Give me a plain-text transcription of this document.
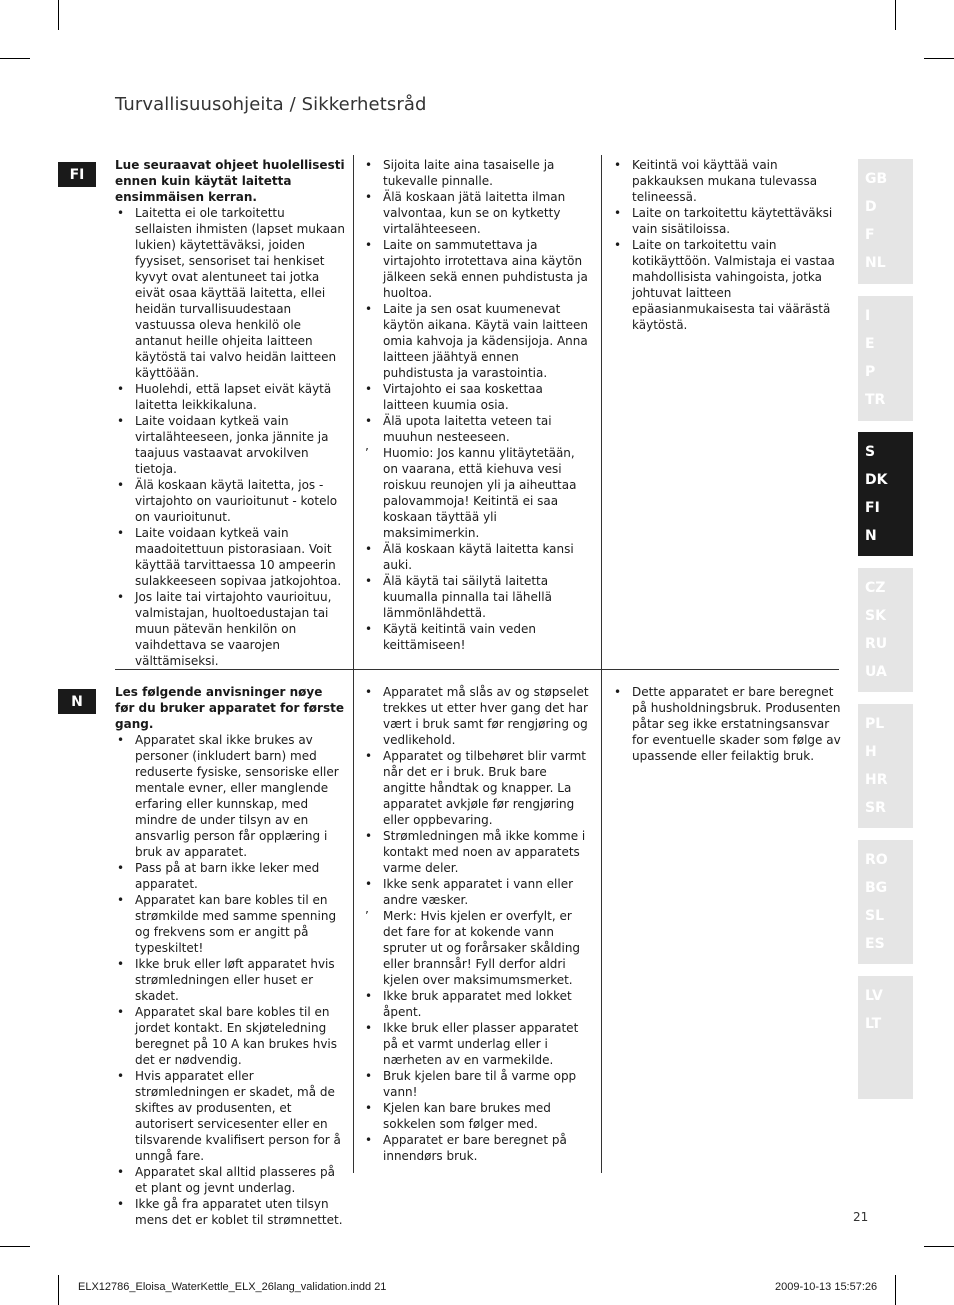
Turvallisuusohjeita / Sikkerhetsråd
FI

Lue seuraavat ohjeet huolellisesti ennen kuin käytät laitetta ensimmäisen kerran.

• Laitetta ei ole tarkoitettu sellaisten ihmisten (lapset mukaan lukien) käytettäväksi, joiden fyysiset, sensoriset tai henkiset kyvyt ovat alentuneet tai jotka eivät osaa käyttää laitetta, ellei heidän turvallisuudestaan vastuussa oleva henkilö ole antanut heille ohjeita laitteen käytöstä tai valvo heidän laitteen käyttöään.
• Huolehdi, että lapset eivät käytä laitetta leikkikaluna.
• Laite voidaan kytkeä vain virtalähteeseen, jonka jännite ja taajuus vastaavat arvokilven tietoja.
• Älä koskaan käytä laitetta, jos -virtajohto on vaurioitunut - kotelo on vaurioitunut.
• Laite voidaan kytkeä vain maadoitettuun pistorasiaan. Voit käyttää tarvittaessa 10 ampeerin sulakkeeseen sopivaa jatkojohtoa.
• Jos laite tai virtajohto vaurioituu, valmistajan, huoltoedustajan tai muun pätevän henkilön on vaihdettava se vaarojen välttämiseksi.
• Sijoita laite aina tasaiselle ja tukevalle pinnalle.
• Älä koskaan jätä laitetta ilman valvontaa, kun se on kytketty virtalähteeseen.
• Laite on sammutettava ja virtajohto irrotettava aina käytön jälkeen sekä ennen puhdistusta ja huoltoa.
• Laite ja sen osat kuumenevat käytön aikana. Käytä vain laitteen omia kahvoja ja kädensijoja. Anna laitteen jäähtyä ennen puhdistusta ja varastointia.
• Virtajohto ei saa koskettaa laitteen kuumia osia.
• Älä upota laitetta veteen tai muuhun nesteeseen.
’ Huomio: Jos kannu ylitäytetään, on vaarana, että kiehuva vesi roiskuu reunojen yli ja aiheuttaa palovammoja! Keitintä ei saa koskaan täyttää yli maksimimerkin.
• Älä koskaan käytä laitetta kansi auki.
• Älä käytä tai säilytä laitetta kuumalla pinnalla tai lähellä lämmönlähdettä.
• Käytä keitintä vain veden keittämiseen!
• Keitintä voi käyttää vain pakkauksen mukana tulevassa telineessä.
• Laite on tarkoitettu käytettäväksi vain sisätiloissa.
• Laite on tarkoitettu vain kotikäyttöön. Valmistaja ei vastaa mahdollisista vahingoista, jotka johtuvat laitteen epäasianmukaisesta tai väärästä käytöstä.
N

Les følgende anvisninger nøye før du bruker apparatet for første gang.

• Apparatet skal ikke brukes av personer (inkludert barn) med reduserte fysiske, sensoriske eller mentale evner, eller manglende erfaring eller kunnskap, med mindre de under tilsyn av en ansvarlig person får opplæring i bruk av apparatet.
• Pass på at barn ikke leker med apparatet.
• Apparatet kan bare kobles til en strømkilde med samme spenning og frekvens som er angitt på typeskiltet!
• Ikke bruk eller løft apparatet hvis strømledningen eller huset er skadet.
• Apparatet skal bare kobles til en jordet kontakt. En skjøteledning beregnet på 10 A kan brukes hvis det er nødvendig.
• Hvis apparatet eller strømledningen er skadet, må de skiftes av produsenten, et autorisert servicesenter eller en tilsvarende kvalifisert person for å unngå fare.
• Apparatet skal alltid plasseres på et plant og jevnt underlag.
• Ikke gå fra apparatet uten tilsyn mens det er koblet til strømnettet.
• Apparatet må slås av og støpselet trekkes ut etter hver gang det har vært i bruk samt før rengjøring og vedlikehold.
• Apparatet og tilbehøret blir varmt når det er i bruk. Bruk bare angitte håndtak og knapper. La apparatet avkjøle før rengjøring eller oppbevaring.
• Strømledningen må ikke komme i kontakt med noen av apparatets varme deler.
• Ikke senk apparatet i vann eller andre væsker.
’ Merk: Hvis kjelen er overfylt, er det fare for at kokende vann spruter ut og forårsaker skålding eller brannsår! Fyll derfor aldri kjelen over maksimumsmerket.
• Ikke bruk apparatet med lokket åpent.
• Ikke bruk eller plasser apparatet på et varmt underlag eller i nærheten av en varmekilde.
• Bruk kjelen bare til å varme opp vann!
• Kjelen kan bare brukes med sokkelen som følger med.
• Apparatet er bare beregnet på innendørs bruk.
• Dette apparatet er bare beregnet på husholdningsbruk. Produsenten påtar seg ikke erstatningsansvar for eventuelle skader som følge av upassende eller feilaktig bruk.
GB
D
F
NL
I
E
P
TR
S
DK
FI
N
CZ
SK
RU
UA
PL
H
HR
SR
RO
BG
SL
ES
LV
LT
21
ELX12786_Eloisa_WaterKettle_ELX_26lang_validation.indd 21	2009-10-13 15:57:26
